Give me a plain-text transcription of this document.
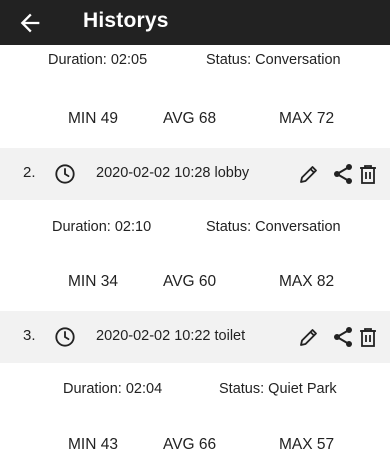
Historys
Duration: 02:05	Status: Conversation
MIN 49	AVG 68	MAX 72
2.	2020-02-02 10:28 lobby
Duration: 02:10	Status: Conversation
MIN 34	AVG 60	MAX 82
3.	2020-02-02 10:22 toilet
Duration: 02:04	Status: Quiet Park
MIN 43	AVG 66	MAX 57
